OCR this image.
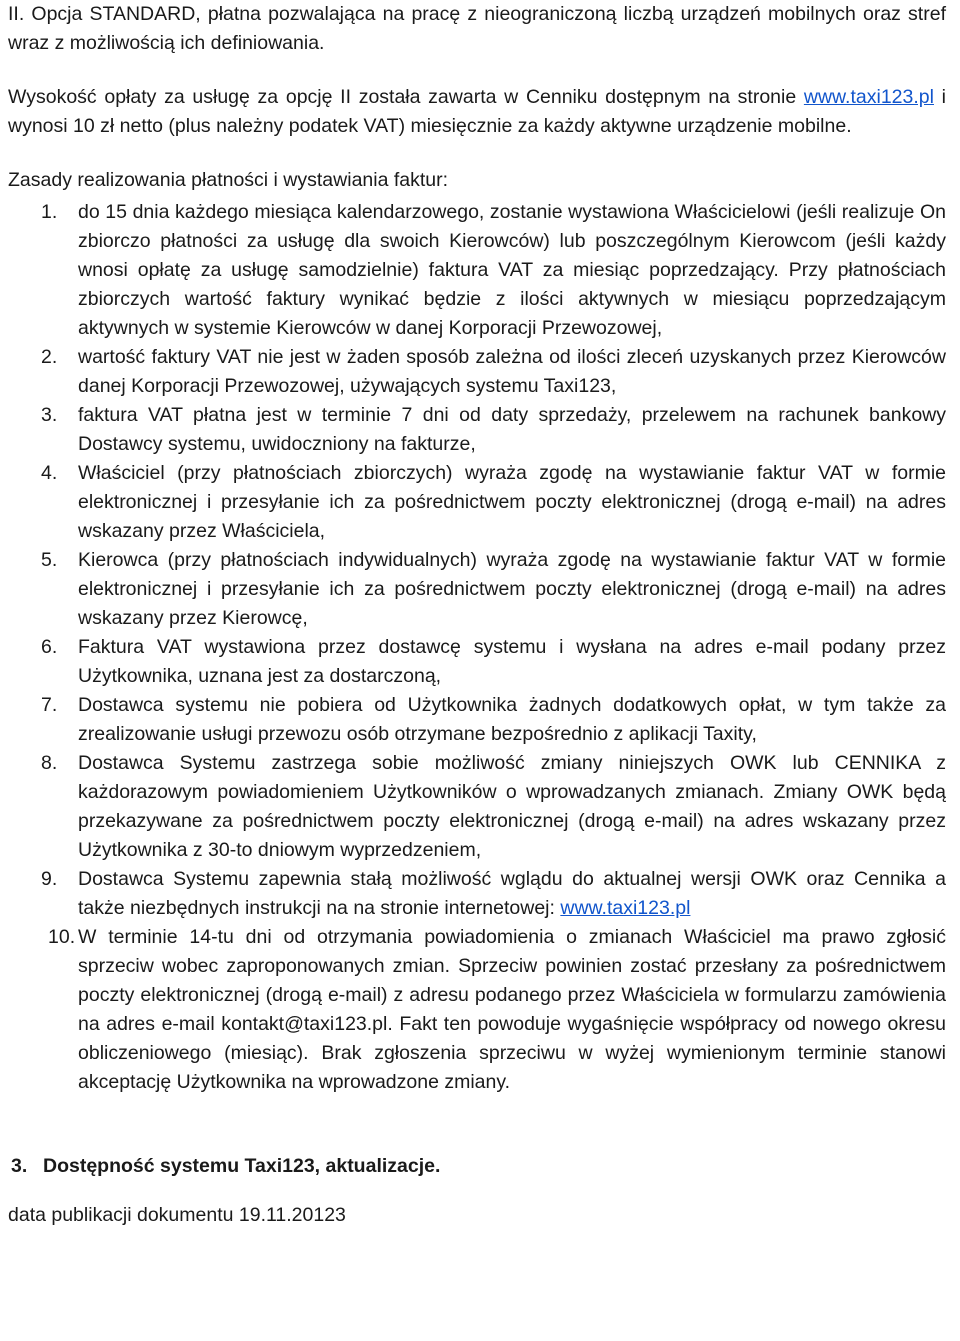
II. Opcja STANDARD, płatna pozwalająca na pracę z nieograniczoną liczbą urządzeń mobilnych oraz stref wraz z możliwością ich definiowania.

Wysokość opłaty za usługę za opcję II została zawarta w Cenniku dostępnym na stronie www.taxi123.pl i wynosi 10 zł netto (plus należny podatek VAT) miesięcznie za każdy aktywne urządzenie mobilne.

Zasady realizowania płatności i wystawiania faktur:

1. do 15 dnia każdego miesiąca kalendarzowego, zostanie wystawiona Właścicielowi (jeśli realizuje On zbiorczo płatności za usługę dla swoich Kierowców) lub poszczególnym Kierowcom (jeśli każdy wnosi opłatę za usługę samodzielnie) faktura VAT za miesiąc poprzedzający. Przy płatnościach zbiorczych wartość faktury wynikać będzie z ilości aktywnych w miesiącu poprzedzającym aktywnych w systemie Kierowców w danej Korporacji Przewozowej,
2. wartość faktury VAT nie jest w żaden sposób zależna od ilości zleceń uzyskanych przez Kierowców danej Korporacji Przewozowej, używających systemu Taxi123,
3. faktura VAT płatna jest w terminie 7 dni od daty sprzedaży, przelewem na rachunek bankowy Dostawcy systemu, uwidoczniony na fakturze,
4. Właściciel (przy płatnościach zbiorczych) wyraża zgodę na wystawianie faktur VAT w formie elektronicznej i przesyłanie ich za pośrednictwem poczty elektronicznej (drogą e-mail) na adres wskazany przez Właściciela,
5. Kierowca (przy płatnościach indywidualnych) wyraża zgodę na wystawianie faktur VAT w formie elektronicznej i przesyłanie ich za pośrednictwem poczty elektronicznej (drogą e-mail) na adres wskazany przez Kierowcę,
6. Faktura VAT wystawiona przez dostawcę systemu i wysłana na adres e-mail podany przez Użytkownika, uznana jest za dostarczoną,
7. Dostawca systemu nie pobiera od Użytkownika żadnych dodatkowych opłat, w tym także za zrealizowanie usługi przewozu osób otrzymane bezpośrednio z aplikacji Taxity,
8. Dostawca Systemu zastrzega sobie możliwość zmiany niniejszych OWK lub CENNIKA z każdorazowym powiadomieniem Użytkowników o wprowadzanych zmianach. Zmiany OWK będą przekazywane za pośrednictwem poczty elektronicznej (drogą e-mail) na adres wskazany przez Użytkownika z 30-to dniowym wyprzedzeniem,
9. Dostawca Systemu zapewnia stałą możliwość wglądu do aktualnej wersji OWK oraz Cennika a także niezbędnych instrukcji na na stronie internetowej: www.taxi123.pl
10. W terminie 14-tu dni od otrzymania powiadomienia o zmianach Właściciel ma prawo zgłosić sprzeciw wobec zaproponowanych zmian. Sprzeciw powinien zostać przesłany za pośrednictwem poczty elektronicznej (drogą e-mail) z adresu podanego przez Właściciela w formularzu zamówienia na adres e-mail kontakt@taxi123.pl. Fakt ten powoduje wygaśnięcie współpracy od nowego okresu obliczeniowego (miesiąc). Brak zgłoszenia sprzeciwu w wyżej wymienionym terminie stanowi akceptację Użytkownika na wprowadzone zmiany.

3. Dostępność systemu Taxi123, aktualizacje.

data publikacji dokumentu 19.11.20123
